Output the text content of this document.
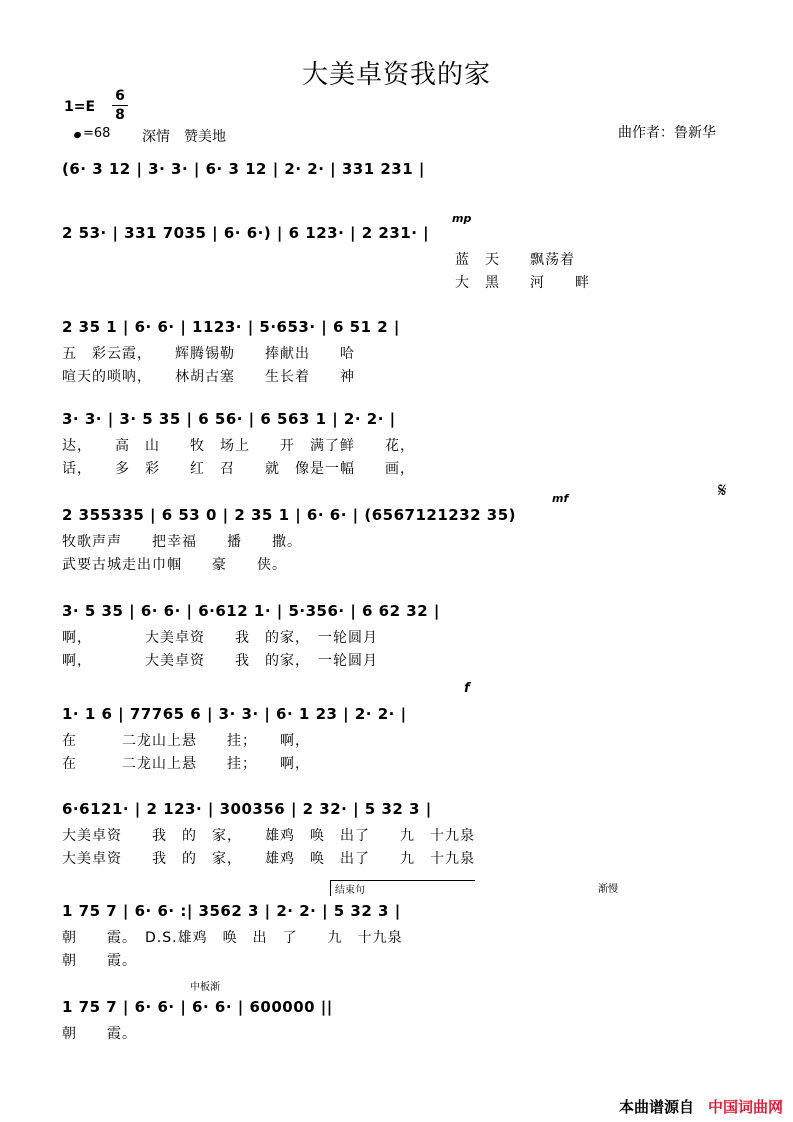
大美卓资我的家
1=E
6
8
=68 深情　赞美地	曲作者：鲁新华
(6· 3 12 | 3· 3· | 6· 3 12 | 2· 2· | 331 231 |
mp
2 53· | 331 7035 | 6· 6·) | 6 123· | 2 231· |
蓝　天　　飘荡着
大　黑　　河　　畔
2 35 1 | 6· 6· | 1123· | 5·653· | 6 51 2 |
五　彩云霞，　　辉腾锡勒　　捧献出　　哈
喧天的唢呐，　　林胡古塞　　生长着　　神
3· 3· | 3· 5 35 | 6 56· | 6 563 1 | 2· 2· |
达，　　高　山　　牧　场上　　开　满了鲜　　花，
话，　　多　彩　　红　召　　就　像是一幅　　画，
mf	𝄋
2 355335 | 6 53 0 | 2 35 1 | 6· 6· | (6567121232 35)
牧歌声声　　把幸福　　播　　撒。
武要古城走出巾帼　　豪　　侠。
3· 5 35 | 6· 6· | 6·612 1· | 5·356· | 6 62 32 |
啊，　　　　大美卓资　　我　的家，　一轮圆月
啊，　　　　大美卓资　　我　的家，　一轮圆月
f
1· 1 6 | 77765 6 | 3· 3· | 6· 1 23 | 2· 2· |
在　　　二龙山上悬　　挂；　　啊，
在　　　二龙山上悬　　挂；　　啊，
6·6121· | 2 123· | 300356 | 2 32· | 5 32 3 |
大美卓资　　我　的　家，　　雄鸡　唤　出了　　九　十九泉
大美卓资　　我　的　家，　　雄鸡　唤　出了　　九　十九泉
结束句	渐慢
1 75 7 | 6· 6· :| 3562 3 | 2· 2· | 5 32 3 |
朝　　霞。　D.S.雄鸡　唤　出　了　　九　十九泉
朝　　霞。
中板渐
1 75 7 | 6· 6· | 6· 6· | 600000 ||
朝　　霞。
本曲谱源自 中国词曲网
